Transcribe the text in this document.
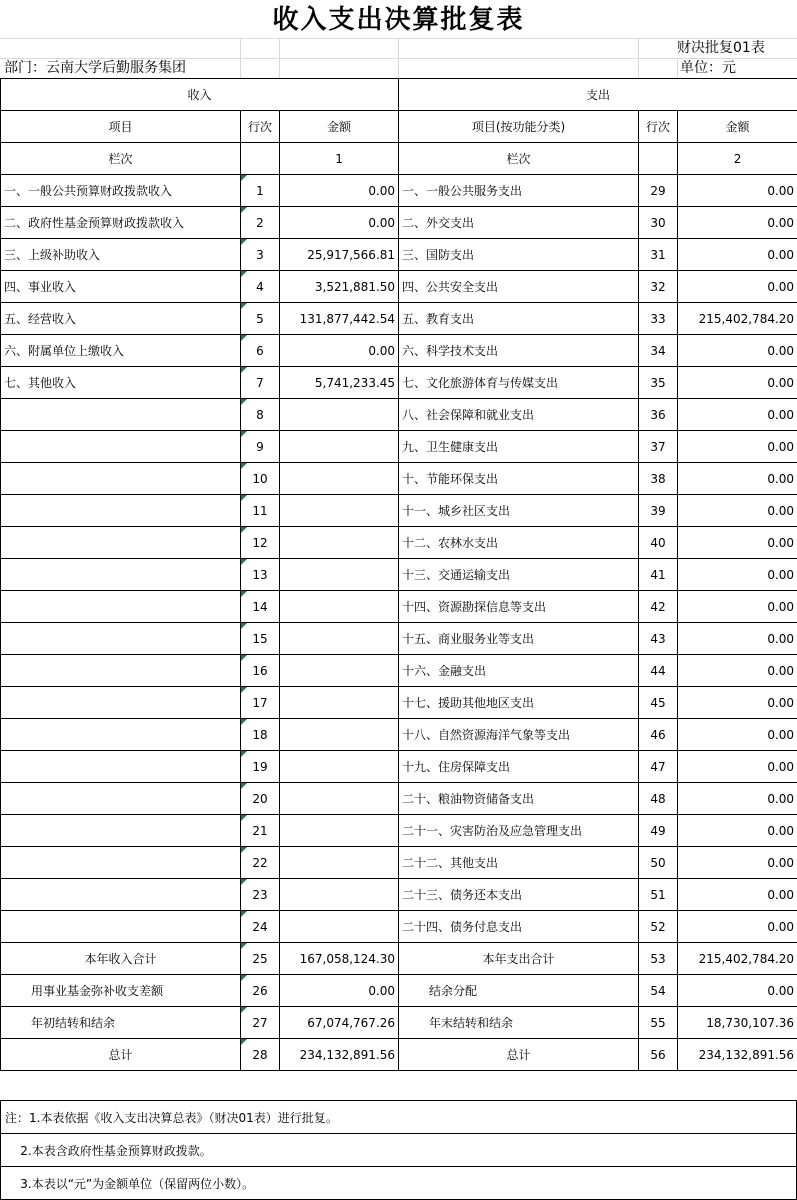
收入支出决算批复表
财决批复01表
部门：云南大学后勤服务集团	单位：元
收入			支出		
项目	行次	金额	项目(按功能分类)	行次	金额
栏次		1	栏次		2
一、一般公共预算财政拨款收入	1	0.00	一、一般公共服务支出	29	0.00
二、政府性基金预算财政拨款收入	2	0.00	二、外交支出	30	0.00
三、上级补助收入	3	25,917,566.81	三、国防支出	31	0.00
四、事业收入	4	3,521,881.50	四、公共安全支出	32	0.00
五、经营收入	5	131,877,442.54	五、教育支出	33	215,402,784.20
六、附属单位上缴收入	6	0.00	六、科学技术支出	34	0.00
七、其他收入	7	5,741,233.45	七、文化旅游体育与传媒支出	35	0.00
	8		八、社会保障和就业支出	36	0.00
	9		九、卫生健康支出	37	0.00
	10		十、节能环保支出	38	0.00
	11		十一、城乡社区支出	39	0.00
	12		十二、农林水支出	40	0.00
	13		十三、交通运输支出	41	0.00
	14		十四、资源勘探信息等支出	42	0.00
	15		十五、商业服务业等支出	43	0.00
	16		十六、金融支出	44	0.00
	17		十七、援助其他地区支出	45	0.00
	18		十八、自然资源海洋气象等支出	46	0.00
	19		十九、住房保障支出	47	0.00
	20		二十、粮油物资储备支出	48	0.00
	21		二十一、灾害防治及应急管理支出	49	0.00
	22		二十二、其他支出	50	0.00
	23		二十三、债务还本支出	51	0.00
	24		二十四、债务付息支出	52	0.00
本年收入合计	25	167,058,124.30	本年支出合计	53	215,402,784.20
用事业基金弥补收支差额	26	0.00	结余分配	54	0.00
年初结转和结余	27	67,074,767.26	年末结转和结余	55	18,730,107.36
总计	28	234,132,891.56	总计	56	234,132,891.56
注：1.本表依据《收入支出决算总表》（财决01表）进行批复。
2.本表含政府性基金预算财政拨款。
3.本表以“元”为金额单位（保留两位小数）。
